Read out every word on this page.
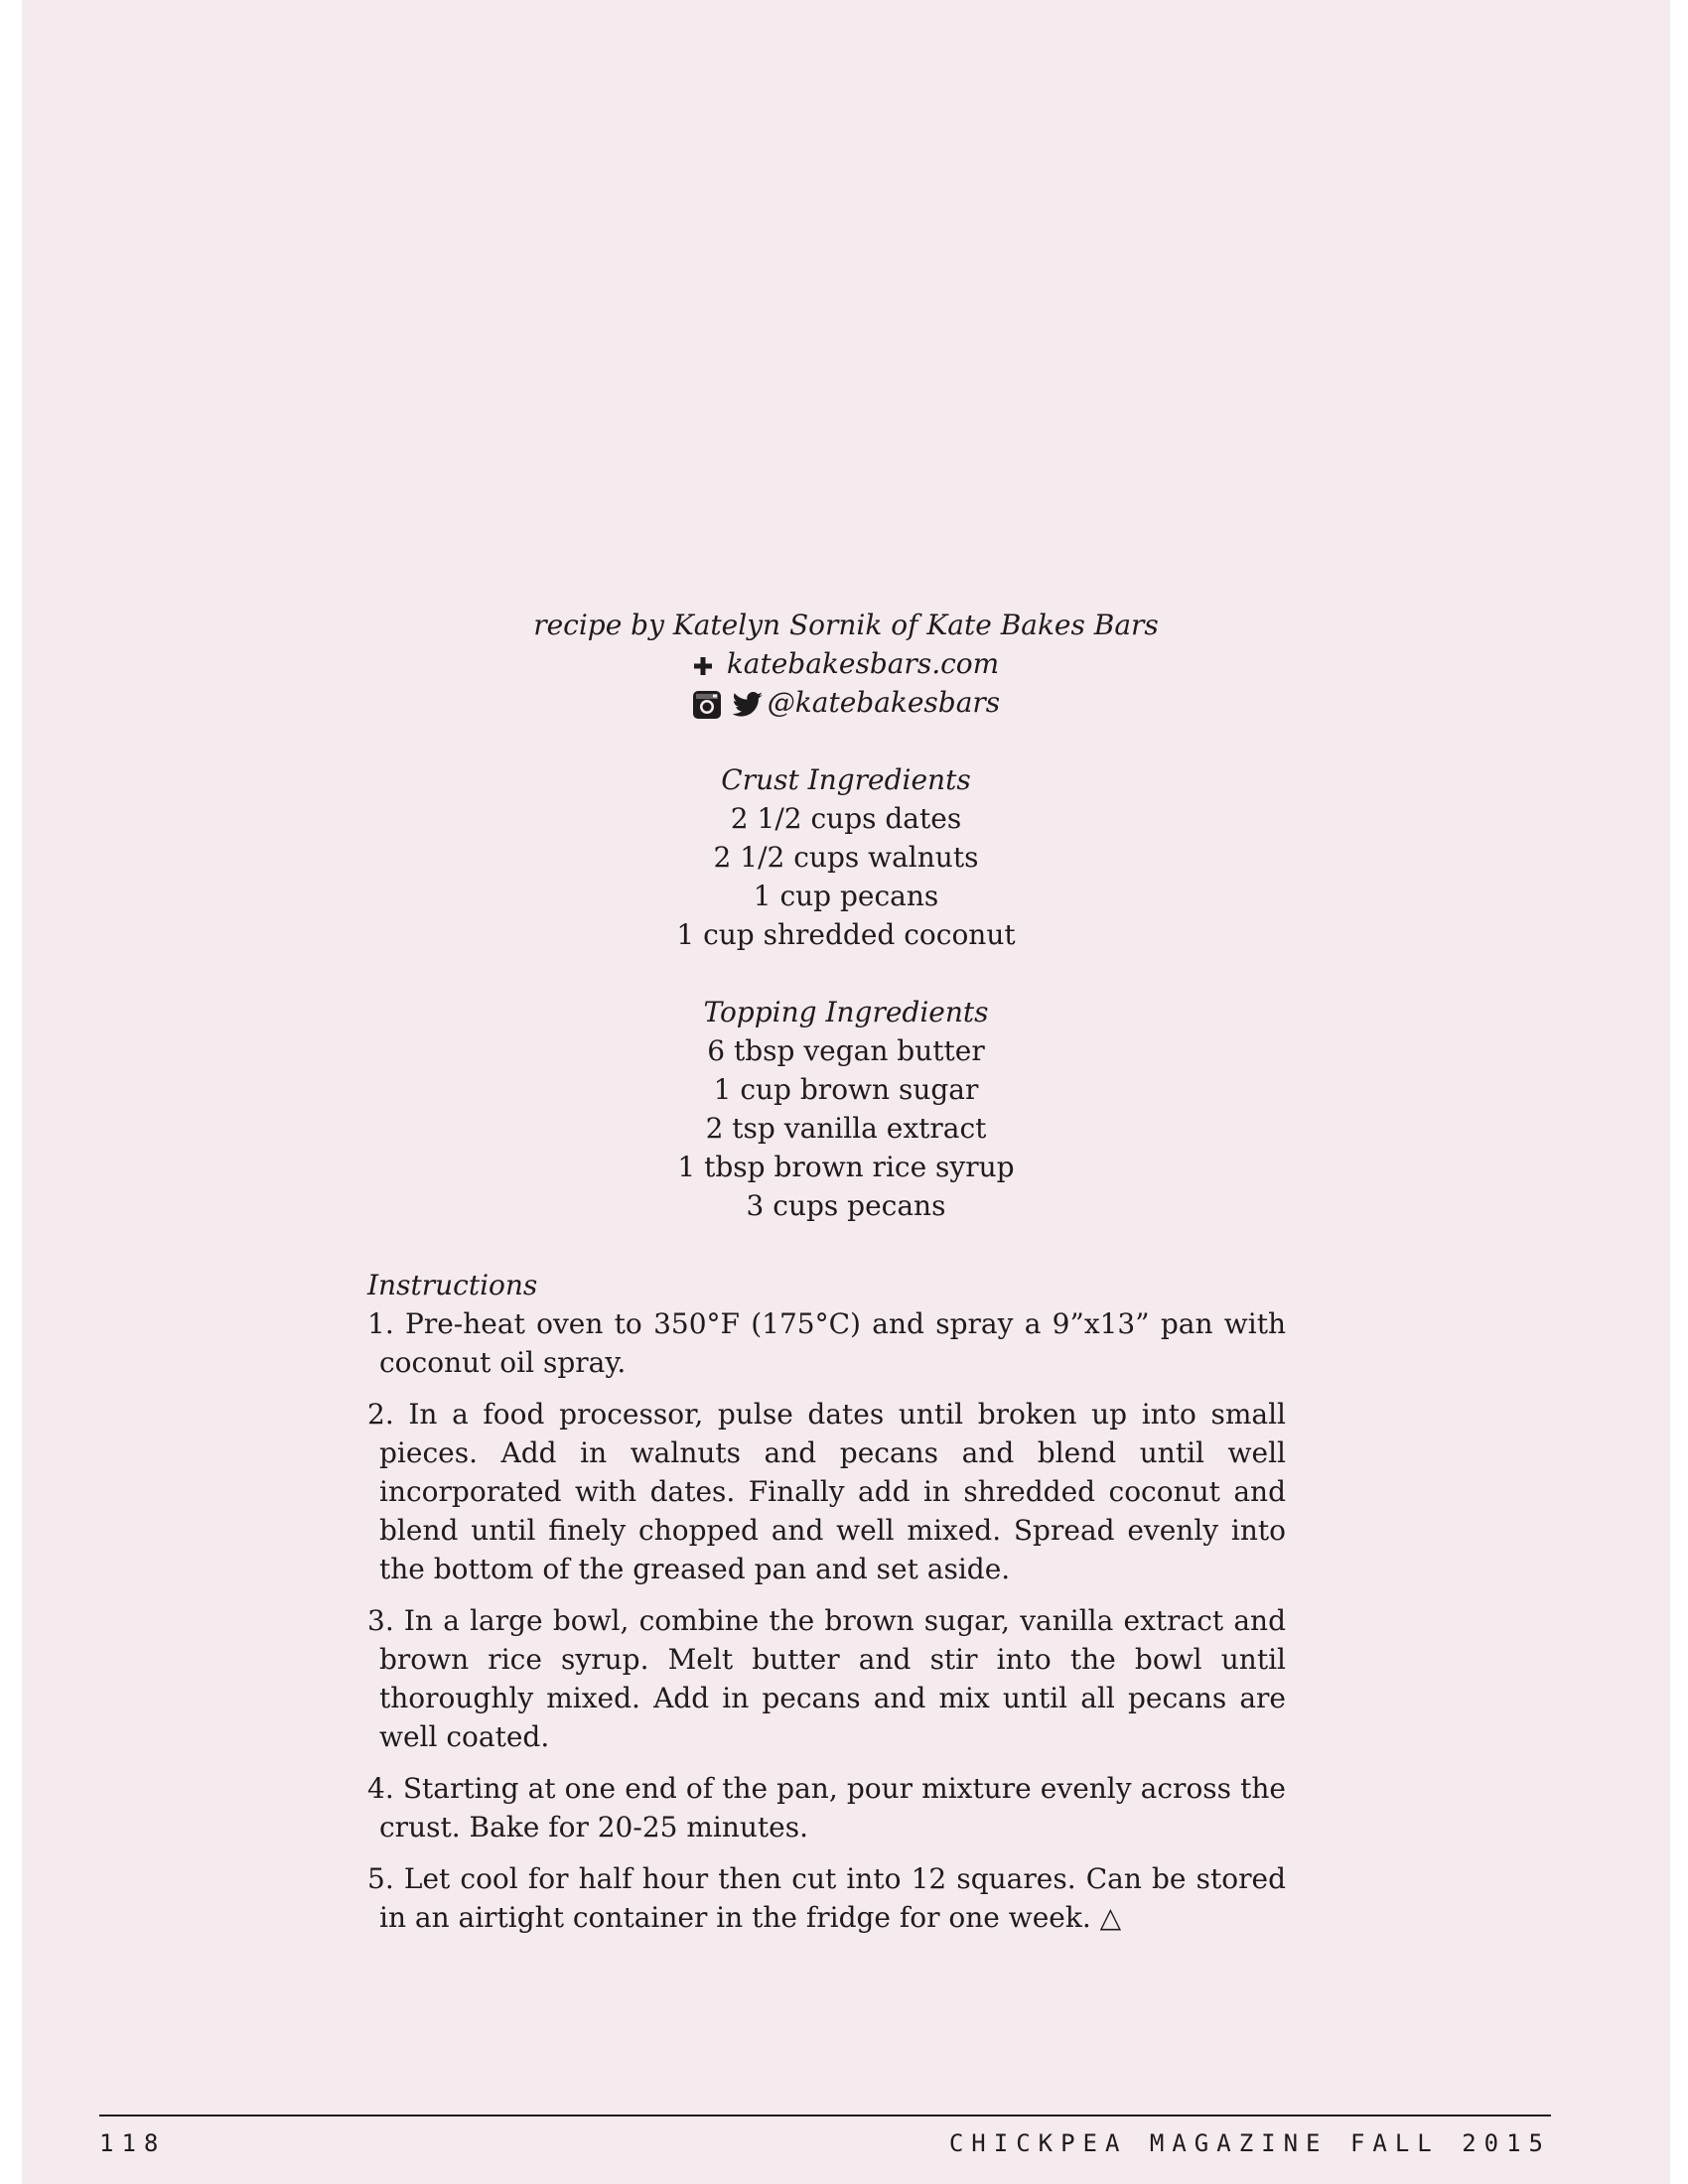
recipe by Katelyn Sornik of Kate Bakes Bars
katebakesbars.com
@katebakesbars
Crust Ingredients
2 1/2 cups dates
2 1/2 cups walnuts
1 cup pecans
1 cup shredded coconut
Topping Ingredients
6 tbsp vegan butter
1 cup brown sugar
2 tsp vanilla extract
1 tbsp brown rice syrup
3 cups pecans
Instructions
1. Pre-heat oven to 350°F (175°C) and spray a 9”x13” pan with coconut oil spray.
2. In a food processor, pulse dates until broken up into small pieces. Add in walnuts and pecans and blend until well incorporated with dates. Finally add in shredded coconut and blend until finely chopped and well mixed. Spread evenly into the bottom of the greased pan and set aside.
3. In a large bowl, combine the brown sugar, vanilla extract and brown rice syrup. Melt butter and stir into the bowl until thoroughly mixed. Add in pecans and mix until all pecans are well coated.
4. Starting at one end of the pan, pour mixture evenly across the crust. Bake for 20-25 minutes.
5. Let cool for half hour then cut into 12 squares. Can be stored in an airtight container in the fridge for one week. △
118	CHICKPEA MAGAZINE FALL 2015
